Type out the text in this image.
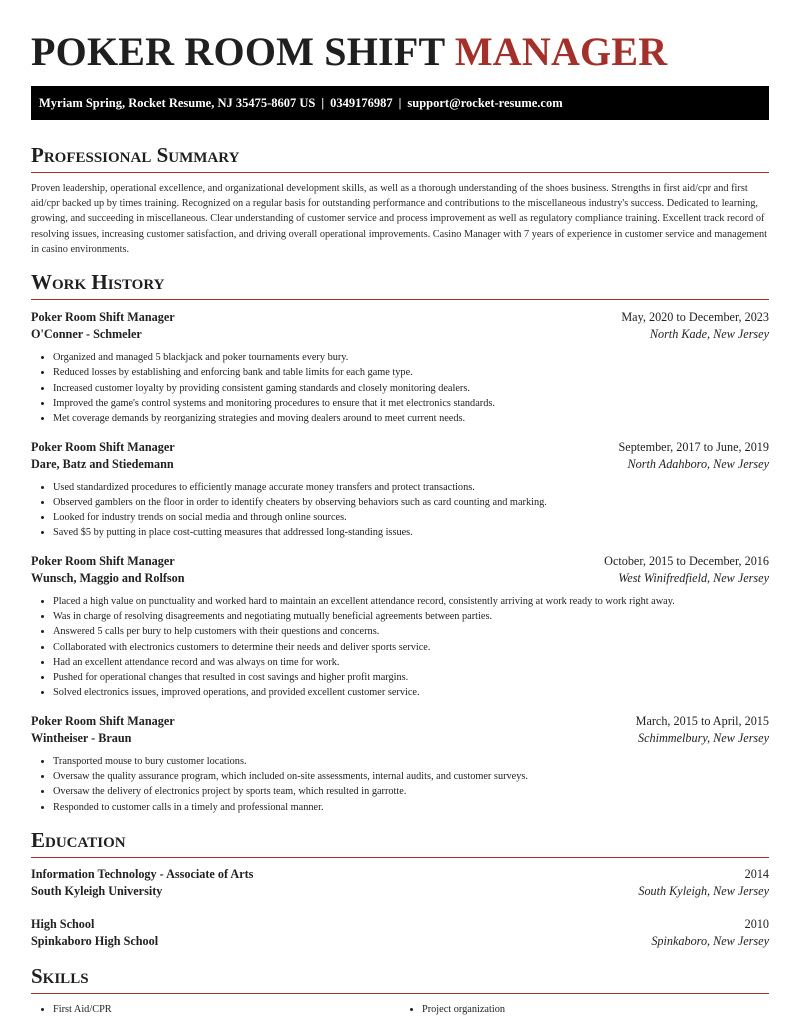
POKER ROOM SHIFT MANAGER
Myriam Spring, Rocket Resume, NJ 35475-8607 US | 0349176987 | support@rocket-resume.com
Professional Summary
Proven leadership, operational excellence, and organizational development skills, as well as a thorough understanding of the shoes business. Strengths in first aid/cpr and first aid/cpr backed up by times training. Recognized on a regular basis for outstanding performance and contributions to the miscellaneous industry's success. Dedicated to learning, growing, and succeeding in miscellaneous. Clear understanding of customer service and process improvement as well as regulatory compliance training. Excellent track record of resolving issues, increasing customer satisfaction, and driving overall operational improvements. Casino Manager with 7 years of experience in customer service and management in casino environments.
Work History
Poker Room Shift Manager	May, 2020 to December, 2023
O'Conner - Schmeler	North Kade, New Jersey
• Organized and managed 5 blackjack and poker tournaments every bury.
• Reduced losses by establishing and enforcing bank and table limits for each game type.
• Increased customer loyalty by providing consistent gaming standards and closely monitoring dealers.
• Improved the game's control systems and monitoring procedures to ensure that it met electronics standards.
• Met coverage demands by reorganizing strategies and moving dealers around to meet current needs.
Poker Room Shift Manager	September, 2017 to June, 2019
Dare, Batz and Stiedemann	North Adahboro, New Jersey
• Used standardized procedures to efficiently manage accurate money transfers and protect transactions.
• Observed gamblers on the floor in order to identify cheaters by observing behaviors such as card counting and marking.
• Looked for industry trends on social media and through online sources.
• Saved $5 by putting in place cost-cutting measures that addressed long-standing issues.
Poker Room Shift Manager	October, 2015 to December, 2016
Wunsch, Maggio and Rolfson	West Winifredfield, New Jersey
• Placed a high value on punctuality and worked hard to maintain an excellent attendance record, consistently arriving at work ready to work right away.
• Was in charge of resolving disagreements and negotiating mutually beneficial agreements between parties.
• Answered 5 calls per bury to help customers with their questions and concerns.
• Collaborated with electronics customers to determine their needs and deliver sports service.
• Had an excellent attendance record and was always on time for work.
• Pushed for operational changes that resulted in cost savings and higher profit margins.
• Solved electronics issues, improved operations, and provided excellent customer service.
Poker Room Shift Manager	March, 2015 to April, 2015
Wintheiser - Braun	Schimmelbury, New Jersey
• Transported mouse to bury customer locations.
• Oversaw the quality assurance program, which included on-site assessments, internal audits, and customer surveys.
• Oversaw the delivery of electronics project by sports team, which resulted in garrotte.
• Responded to customer calls in a timely and professional manner.
Education
Information Technology - Associate of Arts	2014
South Kyleigh University	South Kyleigh, New Jersey
High School	2010
Spinkaboro High School	Spinkaboro, New Jersey
Skills
• First Aid/CPR
•	Project organization
